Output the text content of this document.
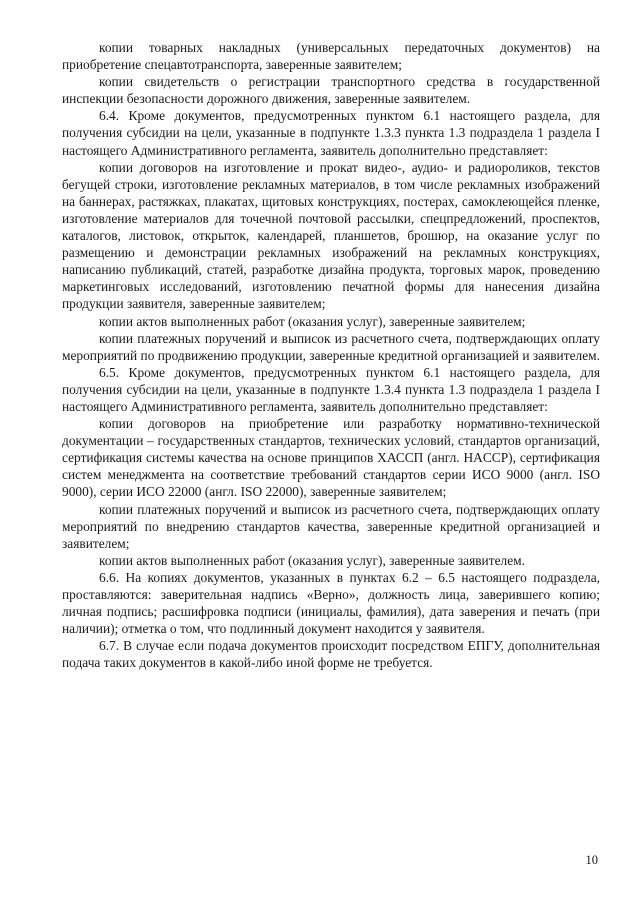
копии товарных накладных (универсальных передаточных документов) на приобретение спецавтотранспорта, заверенные заявителем;

копии свидетельств о регистрации транспортного средства в государственной инспекции безопасности дорожного движения, заверенные заявителем.

6.4. Кроме документов, предусмотренных пунктом 6.1 настоящего раздела, для получения субсидии на цели, указанные в подпункте 1.3.3 пункта 1.3 подраздела 1 раздела I настоящего Административного регламента, заявитель дополнительно представляет:

копии договоров на изготовление и прокат видео-, аудио- и радиороликов, текстов бегущей строки, изготовление рекламных материалов, в том числе рекламных изображений на баннерах, растяжках, плакатах, щитовых конструкциях, постерах, самоклеющейся пленке, изготовление материалов для точечной почтовой рассылки, спецпредложений, проспектов, каталогов, листовок, открыток, календарей, планшетов, брошюр, на оказание услуг по размещению и демонстрации рекламных изображений на рекламных конструкциях, написанию публикаций, статей, разработке дизайна продукта, торговых марок, проведению маркетинговых исследований, изготовлению печатной формы для нанесения дизайна продукции заявителя, заверенные заявителем;

копии актов выполненных работ (оказания услуг), заверенные заявителем;

копии платежных поручений и выписок из расчетного счета, подтверждающих оплату мероприятий по продвижению продукции, заверенные кредитной организацией и заявителем.

6.5. Кроме документов, предусмотренных пунктом 6.1 настоящего раздела, для получения субсидии на цели, указанные в подпункте 1.3.4 пункта 1.3 подраздела 1 раздела I настоящего Административного регламента, заявитель дополнительно представляет:

копии договоров на приобретение или разработку нормативно-технической документации – государственных стандартов, технических условий, стандартов организаций, сертификация системы качества на основе принципов ХАССП (англ. HACCP), сертификация систем менеджмента на соответствие требований стандартов серии ИСО 9000 (англ. ISO 9000), серии ИСО 22000 (англ. ISO 22000), заверенные заявителем;

копии платежных поручений и выписок из расчетного счета, подтверждающих оплату мероприятий по внедрению стандартов качества, заверенные кредитной организацией и заявителем;

копии актов выполненных работ (оказания услуг), заверенные заявителем.

6.6. На копиях документов, указанных в пунктах 6.2 – 6.5 настоящего подраздела, проставляются: заверительная надпись «Верно», должность лица, заверившего копию; личная подпись; расшифровка подписи (инициалы, фамилия), дата заверения и печать (при наличии); отметка о том, что подлинный документ находится у заявителя.

6.7. В случае если подача документов происходит посредством ЕПГУ, дополнительная подача таких документов в какой-либо иной форме не требуется.

10
